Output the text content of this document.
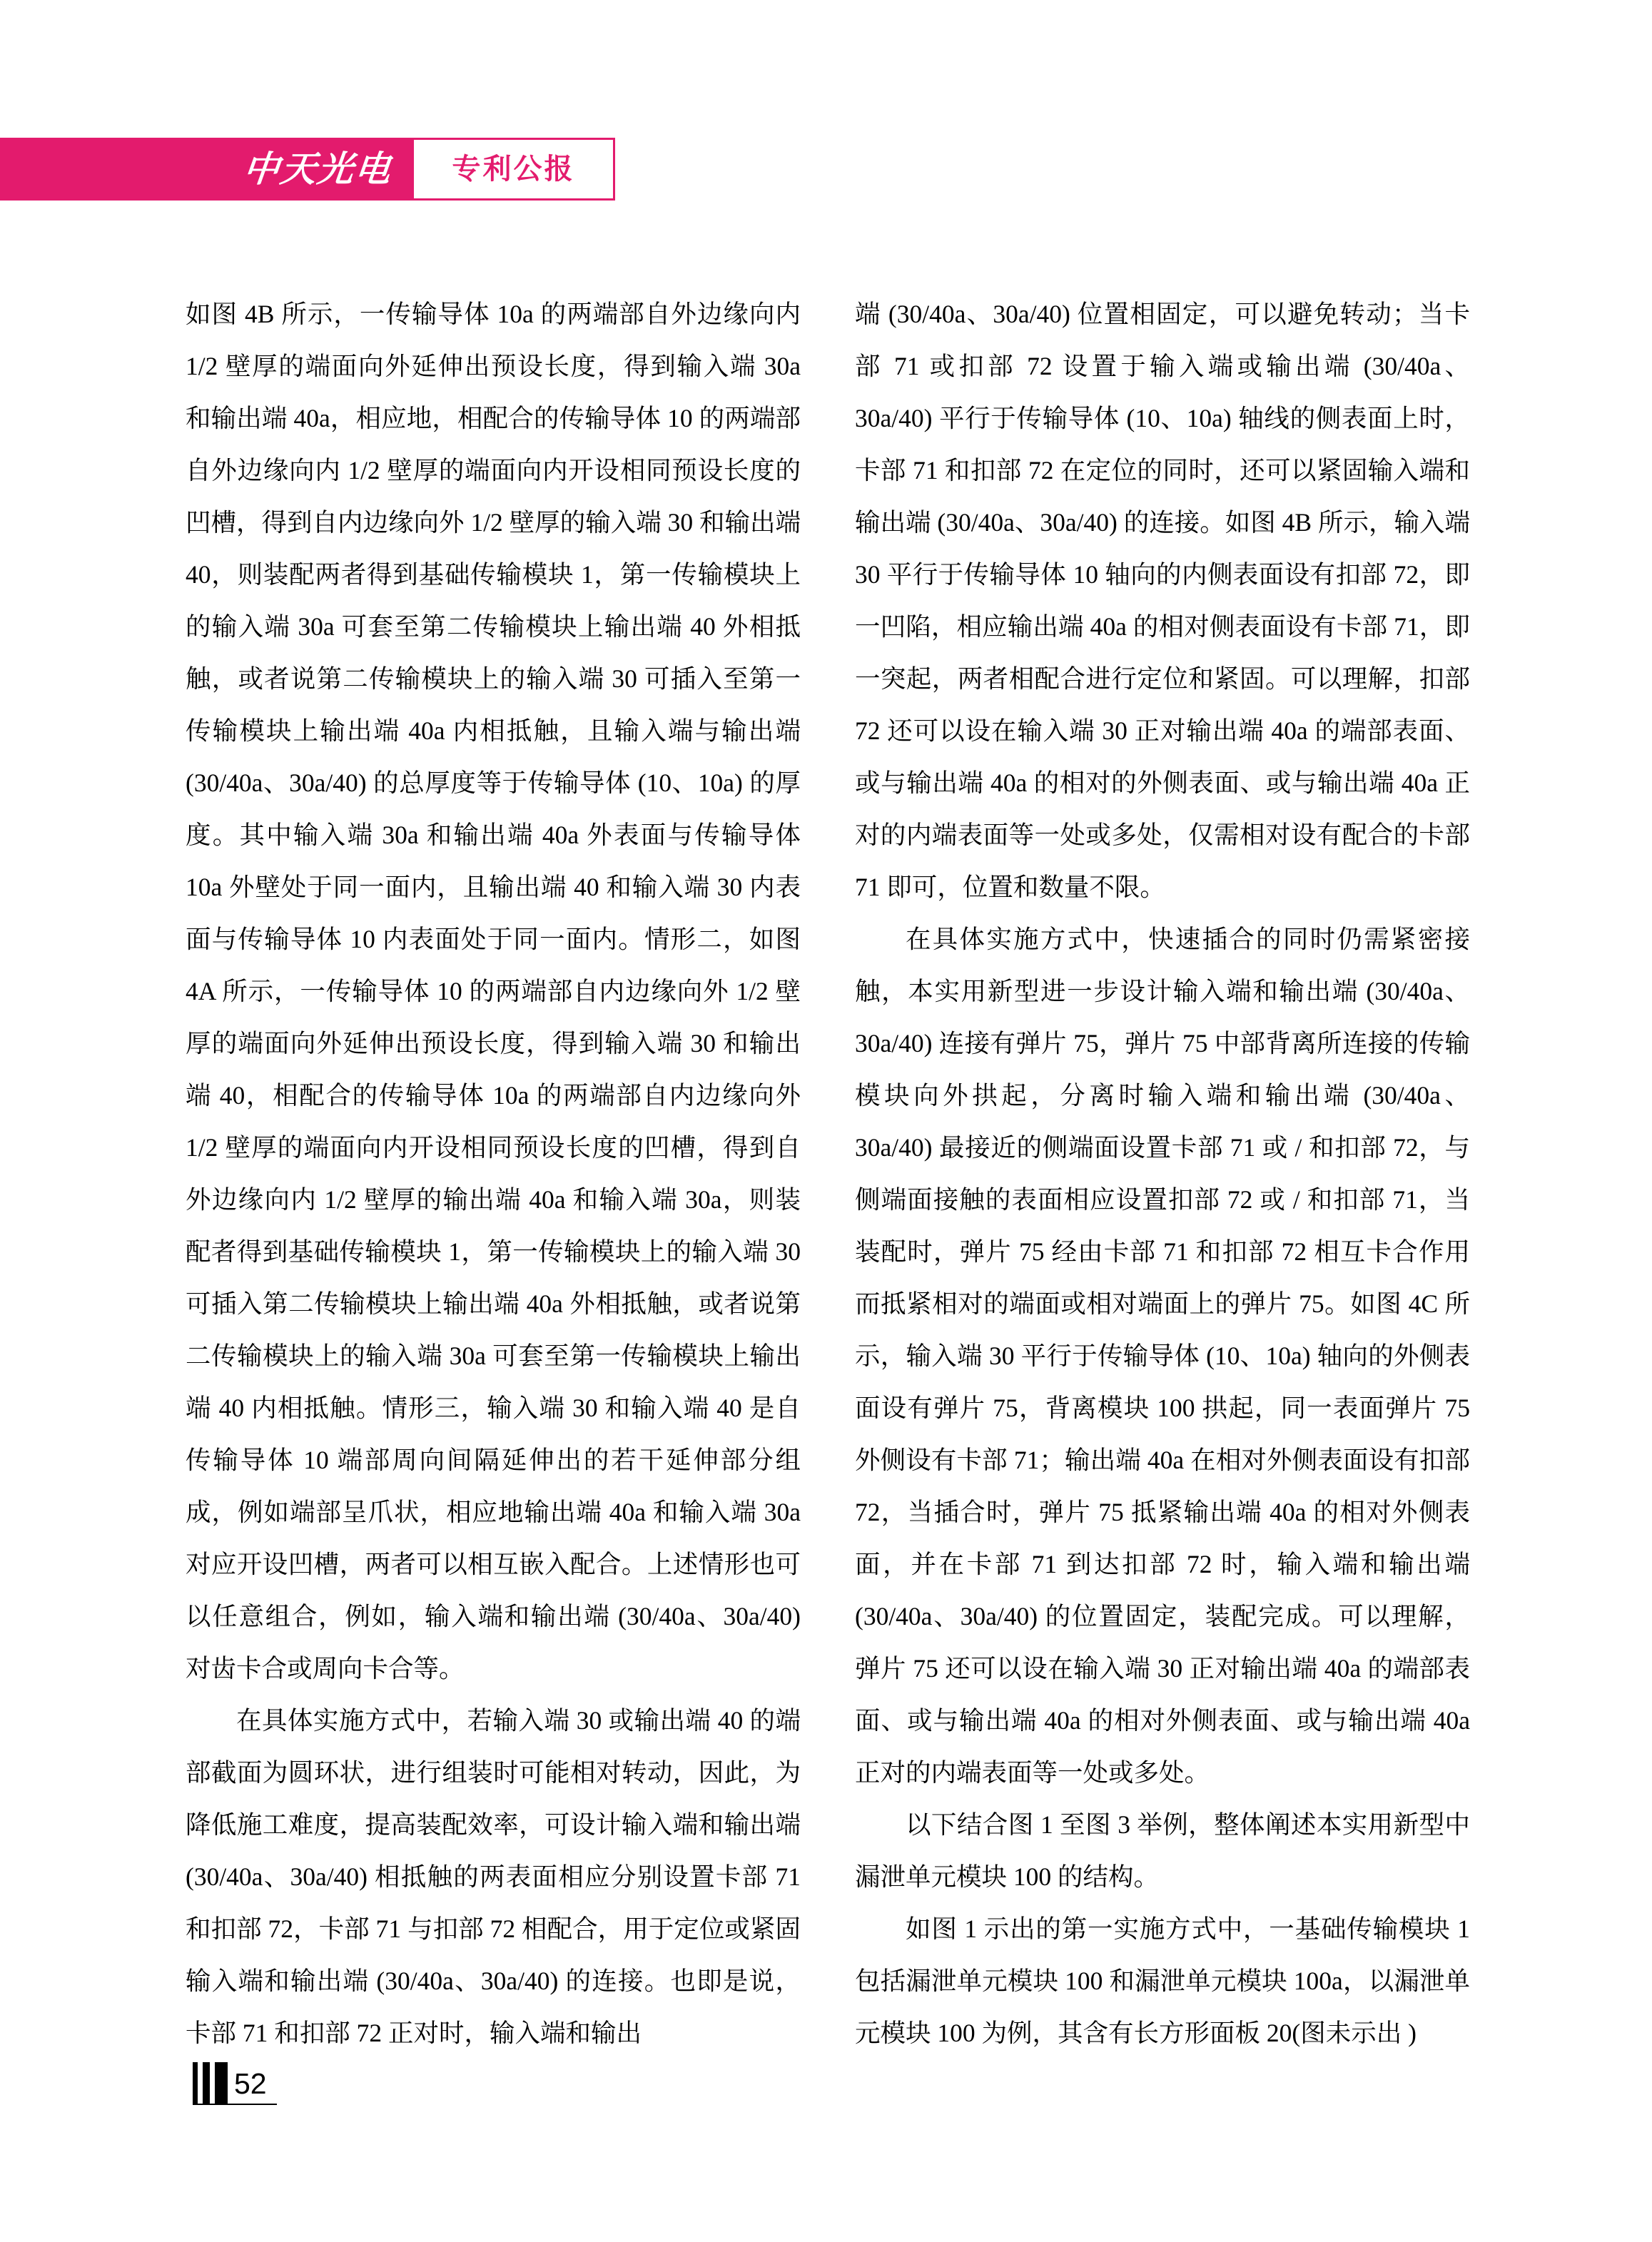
中天光电 专利公报

如图 4B 所示，一传输导体 10a 的两端部自外边缘向内 1/2 壁厚的端面向外延伸出预设长度，得到输入端 30a 和输出端 40a，相应地，相配合的传输导体 10 的两端部自外边缘向内 1/2 壁厚的端面向内开设相同预设长度的凹槽，得到自内边缘向外 1/2 壁厚的输入端 30 和输出端 40，则装配两者得到基础传输模块 1，第一传输模块上的输入端 30a 可套至第二传输模块上输出端 40 外相抵触，或者说第二传输模块上的输入端 30 可插入至第一传输模块上输出端 40a 内相抵触，且输入端与输出端 (30/40a、30a/40) 的总厚度等于传输导体 (10、10a) 的厚度。其中输入端 30a 和输出端 40a 外表面与传输导体 10a 外壁处于同一面内，且输出端 40 和输入端 30 内表面与传输导体 10 内表面处于同一面内。情形二，如图 4A 所示，一传输导体 10 的两端部自内边缘向外 1/2 壁厚的端面向外延伸出预设长度，得到输入端 30 和输出端 40，相配合的传输导体 10a 的两端部自内边缘向外 1/2 壁厚的端面向内开设相同预设长度的凹槽，得到自外边缘向内 1/2 壁厚的输出端 40a 和输入端 30a，则装配者得到基础传输模块 1，第一传输模块上的输入端 30 可插入第二传输模块上输出端 40a 外相抵触，或者说第二传输模块上的输入端 30a 可套至第一传输模块上输出端 40 内相抵触。情形三，输入端 30 和输入端 40 是自传输导体 10 端部周向间隔延伸出的若干延伸部分组成，例如端部呈爪状，相应地输出端 40a 和输入端 30a 对应开设凹槽，两者可以相互嵌入配合。上述情形也可以任意组合，例如，输入端和输出端 (30/40a、30a/40) 对齿卡合或周向卡合等。

在具体实施方式中，若输入端 30 或输出端 40 的端部截面为圆环状，进行组装时可能相对转动，因此，为降低施工难度，提高装配效率，可设计输入端和输出端 (30/40a、30a/40) 相抵触的两表面相应分别设置卡部 71 和扣部 72，卡部 71 与扣部 72 相配合，用于定位或紧固输入端和输出端 (30/40a、30a/40) 的连接。也即是说，卡部 71 和扣部 72 正对时，输入端和输出

端 (30/40a、30a/40) 位置相固定，可以避免转动；当卡部 71 或扣部 72 设置于输入端或输出端 (30/40a、30a/40) 平行于传输导体 (10、10a) 轴线的侧表面上时，卡部 71 和扣部 72 在定位的同时，还可以紧固输入端和输出端 (30/40a、30a/40) 的连接。如图 4B 所示，输入端 30 平行于传输导体 10 轴向的内侧表面设有扣部 72，即一凹陷，相应输出端 40a 的相对侧表面设有卡部 71，即一突起，两者相配合进行定位和紧固。可以理解，扣部 72 还可以设在输入端 30 正对输出端 40a 的端部表面、或与输出端 40a 的相对的外侧表面、或与输出端 40a 正对的内端表面等一处或多处，仅需相对设有配合的卡部 71 即可，位置和数量不限。

在具体实施方式中，快速插合的同时仍需紧密接触，本实用新型进一步设计输入端和输出端 (30/40a、30a/40) 连接有弹片 75，弹片 75 中部背离所连接的传输模块向外拱起，分离时输入端和输出端 (30/40a、30a/40) 最接近的侧端面设置卡部 71 或 / 和扣部 72，与侧端面接触的表面相应设置扣部 72 或 / 和扣部 71，当装配时，弹片 75 经由卡部 71 和扣部 72 相互卡合作用而抵紧相对的端面或相对端面上的弹片 75。如图 4C 所示，输入端 30 平行于传输导体 (10、10a) 轴向的外侧表面设有弹片 75，背离模块 100 拱起，同一表面弹片 75 外侧设有卡部 71；输出端 40a 在相对外侧表面设有扣部 72，当插合时，弹片 75 抵紧输出端 40a 的相对外侧表面，并在卡部 71 到达扣部 72 时，输入端和输出端 (30/40a、30a/40) 的位置固定，装配完成。可以理解，弹片 75 还可以设在输入端 30 正对输出端 40a 的端部表面、或与输出端 40a 的相对外侧表面、或与输出端 40a 正对的内端表面等一处或多处。

以下结合图 1 至图 3 举例，整体阐述本实用新型中漏泄单元模块 100 的结构。

如图 1 示出的第一实施方式中，一基础传输模块 1 包括漏泄单元模块 100 和漏泄单元模块 100a，以漏泄单元模块 100 为例，其含有长方形面板 20(图未示出 )

52
